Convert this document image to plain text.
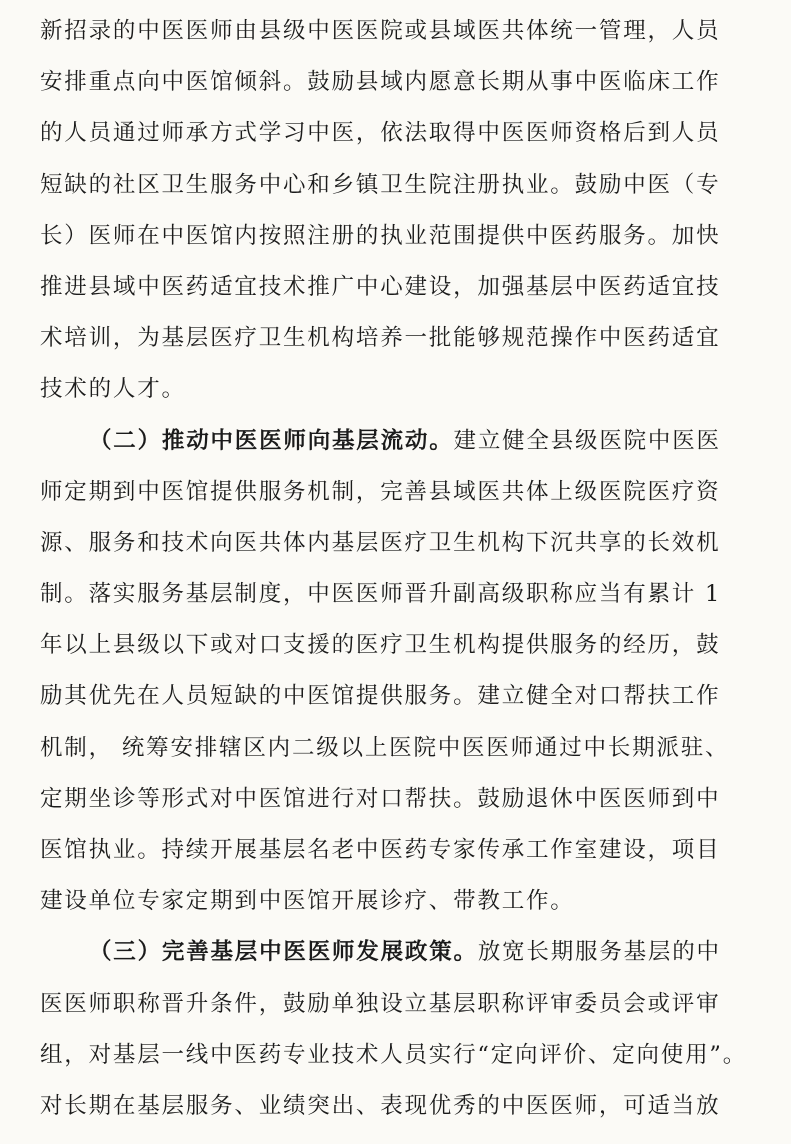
新招录的中医医师由县级中医医院或县域医共体统一管理，人员
安排重点向中医馆倾斜。鼓励县域内愿意长期从事中医临床工作
的人员通过师承方式学习中医，依法取得中医医师资格后到人员
短缺的社区卫生服务中心和乡镇卫生院注册执业。鼓励中医（专
长）医师在中医馆内按照注册的执业范围提供中医药服务。加快
推进县域中医药适宜技术推广中心建设，加强基层中医药适宜技
术培训，为基层医疗卫生机构培养一批能够规范操作中医药适宜
技术的人才。
（二）推动中医医师向基层流动。建立健全县级医院中医医
师定期到中医馆提供服务机制，完善县域医共体上级医院医疗资
源、服务和技术向医共体内基层医疗卫生机构下沉共享的长效机
制。落实服务基层制度，中医医师晋升副高级职称应当有累计 1
年以上县级以下或对口支援的医疗卫生机构提供服务的经历，鼓
励其优先在人员短缺的中医馆提供服务。建立健全对口帮扶工作
机制， 统筹安排辖区内二级以上医院中医医师通过中长期派驻、
定期坐诊等形式对中医馆进行对口帮扶。鼓励退休中医医师到中
医馆执业。持续开展基层名老中医药专家传承工作室建设，项目
建设单位专家定期到中医馆开展诊疗、带教工作。
（三）完善基层中医医师发展政策。放宽长期服务基层的中
医医师职称晋升条件，鼓励单独设立基层职称评审委员会或评审
组，对基层一线中医药专业技术人员实行“定向评价、定向使用”。
对长期在基层服务、业绩突出、表现优秀的中医医师，可适当放
